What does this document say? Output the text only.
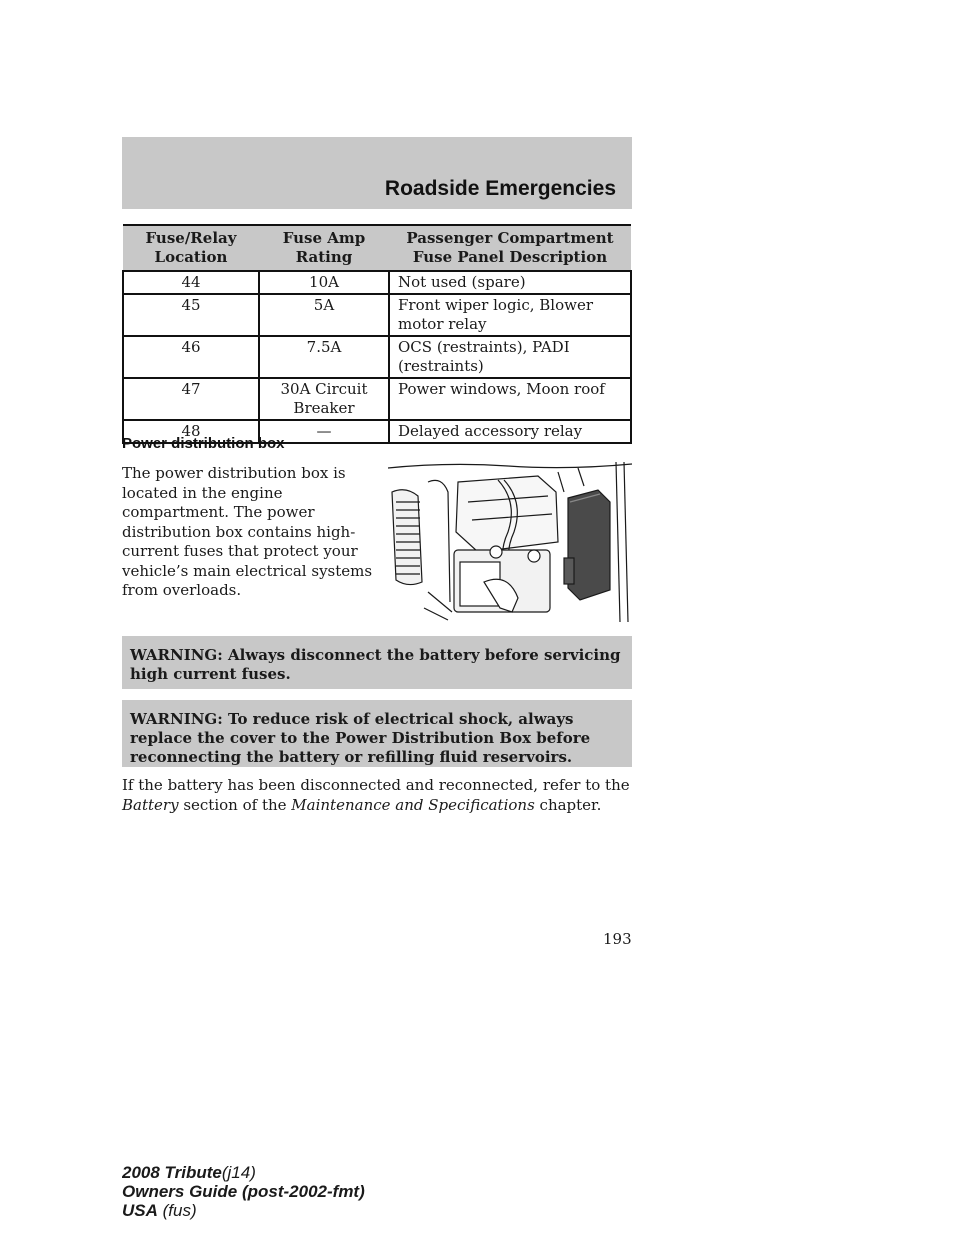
Roadside Emergencies
Fuse/Relay Location	Fuse Amp Rating	Passenger Compartment Fuse Panel Description
44	10A	Not used (spare)
45	5A	Front wiper logic, Blower motor relay
46	7.5A	OCS (restraints), PADI (restraints)
47	30A Circuit Breaker	Power windows, Moon roof
48	—	Delayed accessory relay
Power distribution box
The power distribution box is located in the engine compartment. The power distribution box contains high-current fuses that protect your vehicle’s main electrical systems from overloads.
WARNING: Always disconnect the battery before servicing high current fuses.
WARNING: To reduce risk of electrical shock, always replace the cover to the Power Distribution Box before reconnecting the battery or refilling fluid reservoirs.
If the battery has been disconnected and reconnected, refer to the
Battery section of the Maintenance and Specifications chapter.
193
2008 Tribute(j14)
Owners Guide (post-2002-fmt)
USA (fus)
